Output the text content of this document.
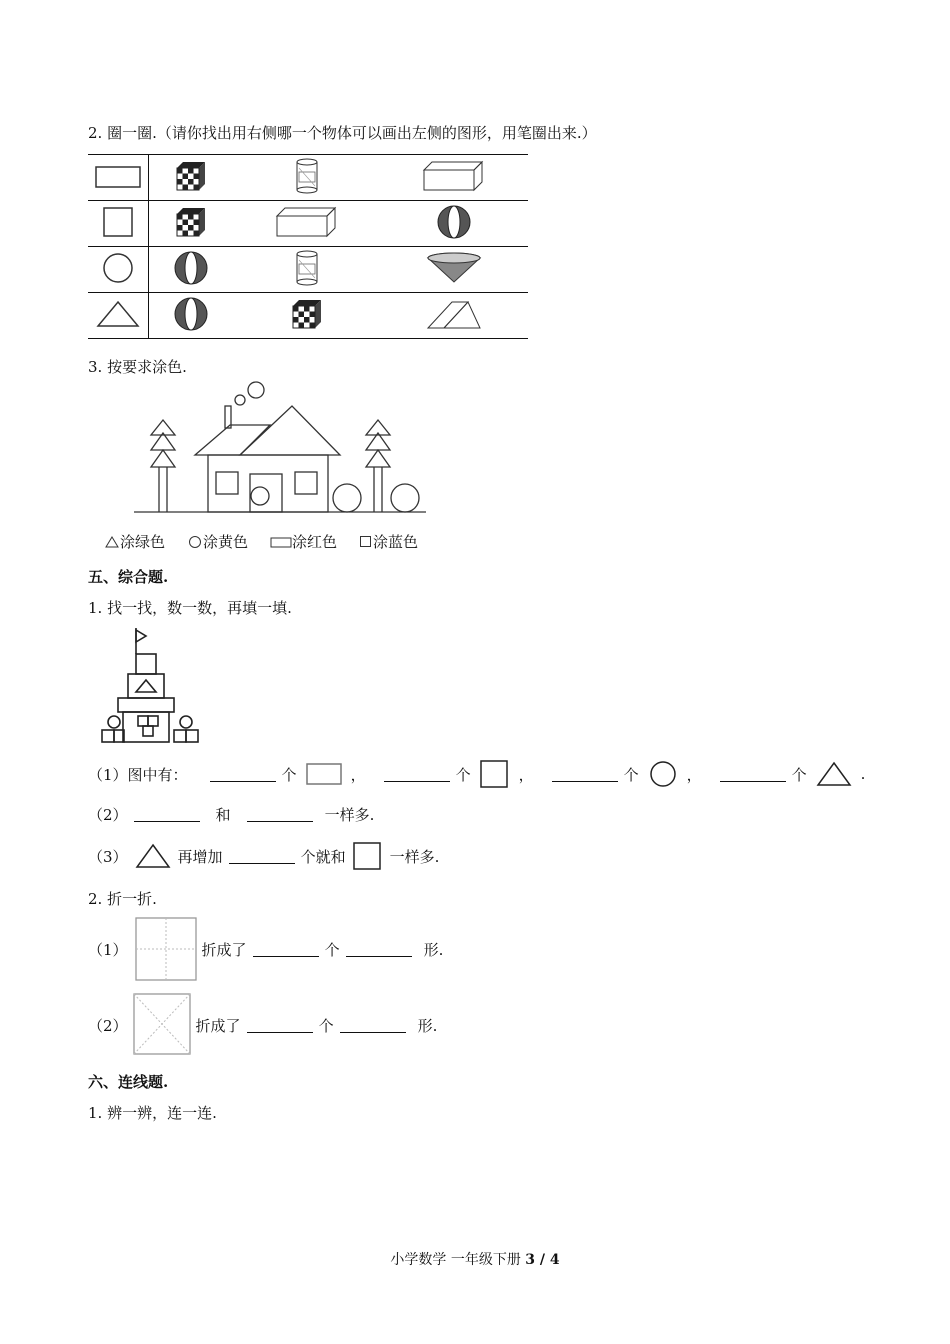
2. 圈一圈.（请你找出用右侧哪一个物体可以画出左侧的图形，用笔圈出来.）

3. 按要求涂色.
涂绿色	涂黄色	涂红色 涂蓝色
五、综合题.
1. 找一找，数一数，再填一填.
（1）图中有：	个	，	个	，	个	，	个	.
（2）	和	一样多.
（3）	再增加	个就和	一样多.
2. 折一折.
（1）	折成了	个	形.
（2）	折成了	个	形.
六、连线题.
1. 辨一辨，连一连.
小学数学 一年级下册 3 / 4
